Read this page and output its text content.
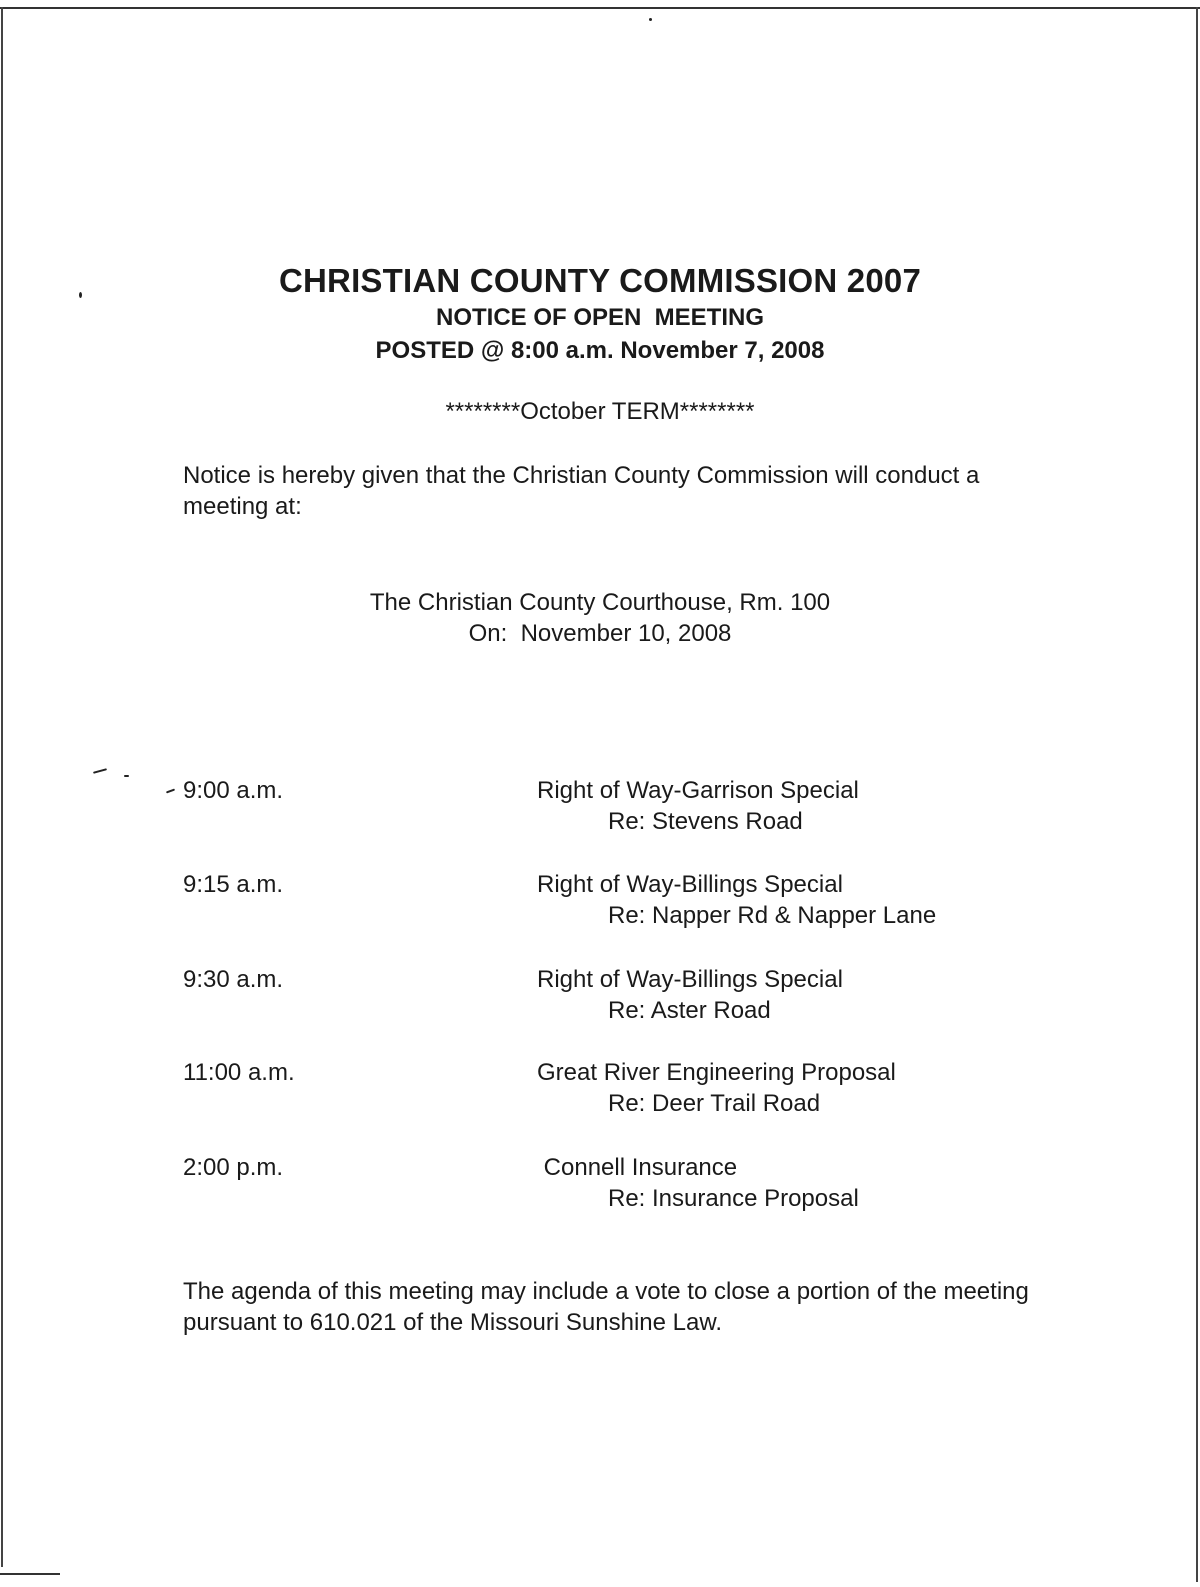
CHRISTIAN COUNTY COMMISSION 2007
NOTICE OF OPEN  MEETING
POSTED @ 8:00 a.m. November 7, 2008
********October TERM********
Notice is hereby given that the Christian County Commission will conduct a meeting at:
The Christian County Courthouse, Rm. 100
On:  November 10, 2008
9:00 a.m.	Right of Way-Garrison Special
Re: Stevens Road
9:15 a.m.	Right of Way-Billings Special
Re: Napper Rd & Napper Lane
9:30 a.m.	Right of Way-Billings Special
Re: Aster Road
11:00 a.m.	Great River Engineering Proposal
Re: Deer Trail Road
2:00 p.m.	Connell Insurance
Re: Insurance Proposal
The agenda of this meeting may include a vote to close a portion of the meeting pursuant to 610.021 of the Missouri Sunshine Law.
